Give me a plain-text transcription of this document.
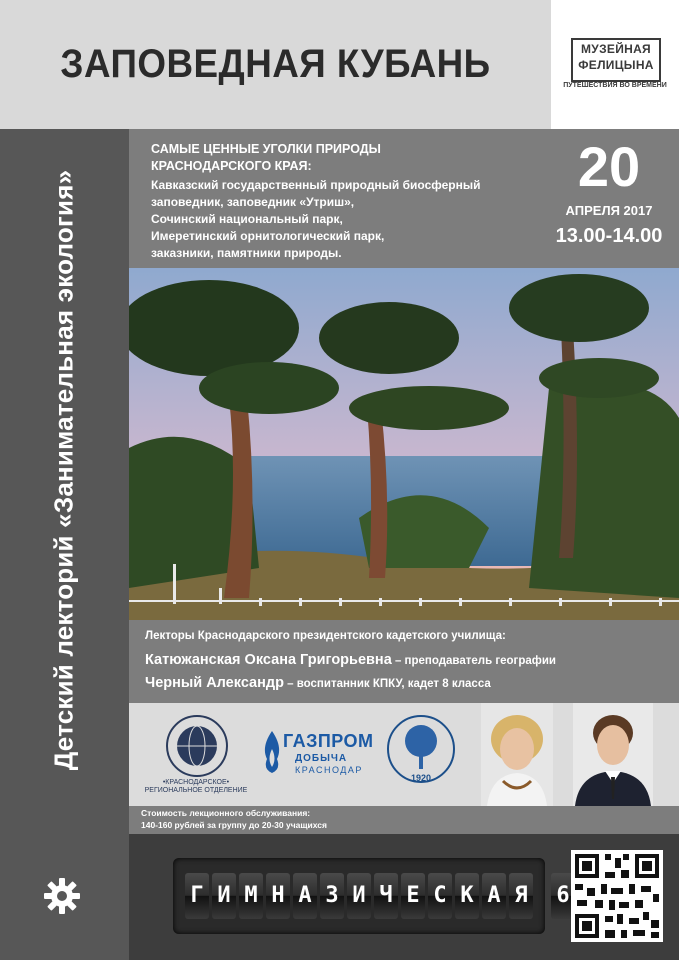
ЗАПОВЕДНАЯ КУБАНЬ	МУЗЕЙНАЯ
ФЕЛИЦЫНА
ПУТЕШЕСТВИЯ ВО ВРЕМЕНИ
Детский лекторий «Занимательная экология»
САМЫЕ ЦЕННЫЕ УГОЛКИ ПРИРОДЫ
КРАСНОДАРСКОГО КРАЯ:
Кавказский государственный природный биосферный
заповедник, заповедник «Утриш»,
Сочинский национальный парк,
Имеретинский орнитологический парк,
заказники, памятники природы.
20
АПРЕЛЯ 2017
13.00-14.00
Лекторы Краснодарского президентского кадетского училища:
Катюжанская Оксана Григорьевна – преподаватель географии
Черный Александр – воспитанник КПКУ, кадет 8 класса
•КРАСНОДАРСКОЕ•
РЕГИОНАЛЬНОЕ ОТДЕЛЕНИЕ
ГАЗПРОМ
ДОБЫЧА
КРАСНОДАР
1920
Стоимость лекционного обслуживания:
140-160 рублей за группу до 20-30 учащихся
Г И М Н А З И Ч Е С К А Я 6
